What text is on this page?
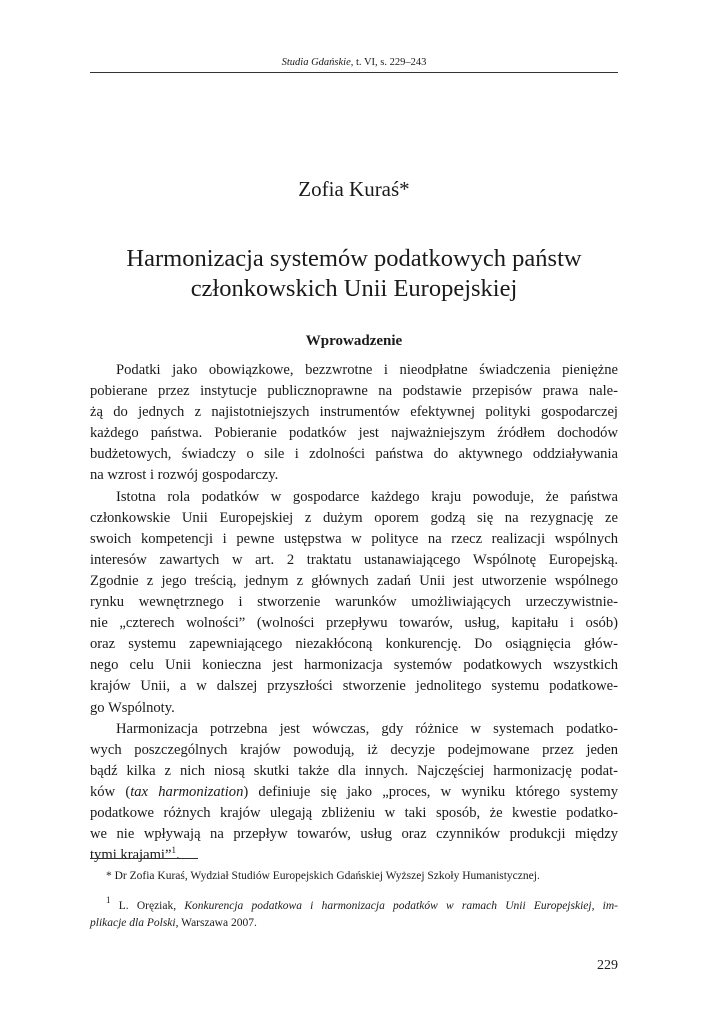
Studia Gdańskie, t. VI, s. 229–243
Zofia Kuraś*
Harmonizacja systemów podatkowych państw
członkowskich Unii Europejskiej
Wprowadzenie
Podatki jako obowiązkowe, bezzwrotne i nieodpłatne świadczenia pieniężne
pobierane przez instytucje publicznoprawne na podstawie przepisów prawa nale-
żą do jednych z najistotniejszych instrumentów efektywnej polityki gospodarczej
każdego państwa. Pobieranie podatków jest najważniejszym źródłem dochodów
budżetowych, świadczy o sile i zdolności państwa do aktywnego oddziaływania
na wzrost i rozwój gospodarczy.
Istotna rola podatków w gospodarce każdego kraju powoduje, że państwa
członkowskie Unii Europejskiej z dużym oporem godzą się na rezygnację ze
swoich kompetencji i pewne ustępstwa w polityce na rzecz realizacji wspólnych
interesów zawartych w art. 2 traktatu ustanawiającego Wspólnotę Europejską.
Zgodnie z jego treścią, jednym z głównych zadań Unii jest utworzenie wspólnego
rynku wewnętrznego i stworzenie warunków umożliwiających urzeczywistnie-
nie „czterech wolności” (wolności przepływu towarów, usług, kapitału i osób)
oraz systemu zapewniającego niezakłóconą konkurencję. Do osiągnięcia głów-
nego celu Unii konieczna jest harmonizacja systemów podatkowych wszystkich
krajów Unii, a w dalszej przyszłości stworzenie jednolitego systemu podatkowe-
go Wspólnoty.
Harmonizacja potrzebna jest wówczas, gdy różnice w systemach podatko-
wych poszczególnych krajów powodują, iż decyzje podejmowane przez jeden
bądź kilka z nich niosą skutki także dla innych. Najczęściej harmonizację podat-
ków (tax harmonization) definiuje się jako „proces, w wyniku którego systemy
podatkowe różnych krajów ulegają zbliżeniu w taki sposób, że kwestie podatko-
we nie wpływają na przepływ towarów, usług oraz czynników produkcji między
tymi krajami”$^1$.
* Dr Zofia Kuraś, Wydział Studiów Europejskich Gdańskiej Wyższej Szkoły Humanistycznej.
$^1$ L. Oręziak, Konkurencja podatkowa i harmonizacja podatków w ramach Unii Europejskiej, im-
plikacje dla Polski, Warszawa 2007.
229
